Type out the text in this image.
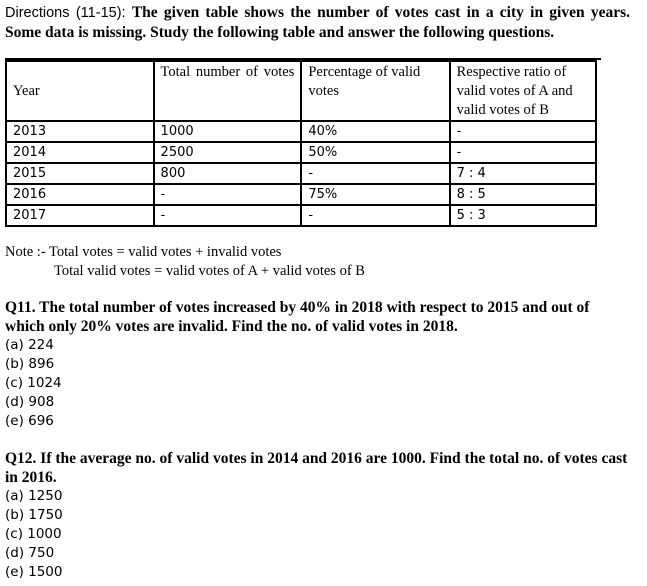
Directions (11-15): The given table shows the number of votes cast in a city in given years. Some data is missing. Study the following table and answer the following questions.
Year	Total number of votes	Percentage of valid votes	Respective ratio of valid votes of A and valid votes of B
2013	1000	40%	-
2014	2500	50%	-
2015	800	-	7 : 4
2016	-	75%	8 : 5
2017	-	-	5 : 3
Note :- Total votes = valid votes + invalid votes
Total valid votes = valid votes of A + valid votes of B
Q11. The total number of votes increased by 40% in 2018 with respect to 2015 and out of which only 20% votes are invalid. Find the no. of valid votes in 2018.
(a) 224
(b) 896
(c) 1024
(d) 908
(e) 696
Q12. If the average no. of valid votes in 2014 and 2016 are 1000. Find the total no. of votes cast in 2016.
(a) 1250
(b) 1750
(c) 1000
(d) 750
(e) 1500
